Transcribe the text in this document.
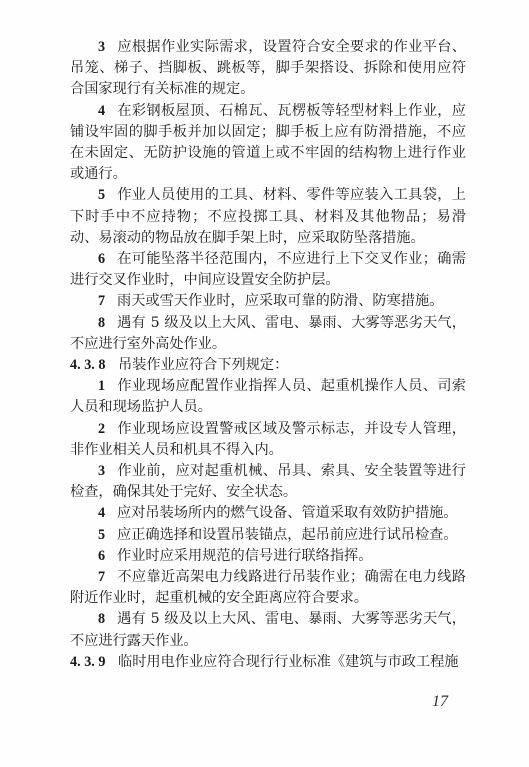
3 应根据作业实际需求，设置符合安全要求的作业平台、吊笼、梯子、挡脚板、跳板等，脚手架搭设、拆除和使用应符合国家现行有关标准的规定。

4 在彩钢板屋顶、石棉瓦、瓦楞板等轻型材料上作业，应铺设牢固的脚手板并加以固定；脚手板上应有防滑措施，不应在未固定、无防护设施的管道上或不牢固的结构物上进行作业或通行。

5 作业人员使用的工具、材料、零件等应装入工具袋，上下时手中不应持物；不应投掷工具、材料及其他物品；易滑动、易滚动的物品放在脚手架上时，应采取防坠落措施。

6 在可能坠落半径范围内，不应进行上下交叉作业；确需进行交叉作业时，中间应设置安全防护层。

7 雨天或雪天作业时，应采取可靠的防滑、防寒措施。

8 遇有 5 级及以上大风、雷电、暴雨、大雾等恶劣天气，不应进行室外高处作业。

4. 3. 8 吊装作业应符合下列规定：

1 作业现场应配置作业指挥人员、起重机操作人员、司索人员和现场监护人员。

2 作业现场应设置警戒区域及警示标志，并设专人管理，非作业相关人员和机具不得入内。

3 作业前，应对起重机械、吊具、索具、安全装置等进行检查，确保其处于完好、安全状态。

4 应对吊装场所内的燃气设备、管道采取有效防护措施。

5 应正确选择和设置吊装锚点，起吊前应进行试吊检查。

6 作业时应采用规范的信号进行联络指挥。

7 不应靠近高架电力线路进行吊装作业；确需在电力线路附近作业时，起重机械的安全距离应符合要求。

8 遇有 5 级及以上大风、雷电、暴雨、大雾等恶劣天气，不应进行露天作业。

4. 3. 9 临时用电作业应符合现行行业标准《建筑与市政工程施

17
